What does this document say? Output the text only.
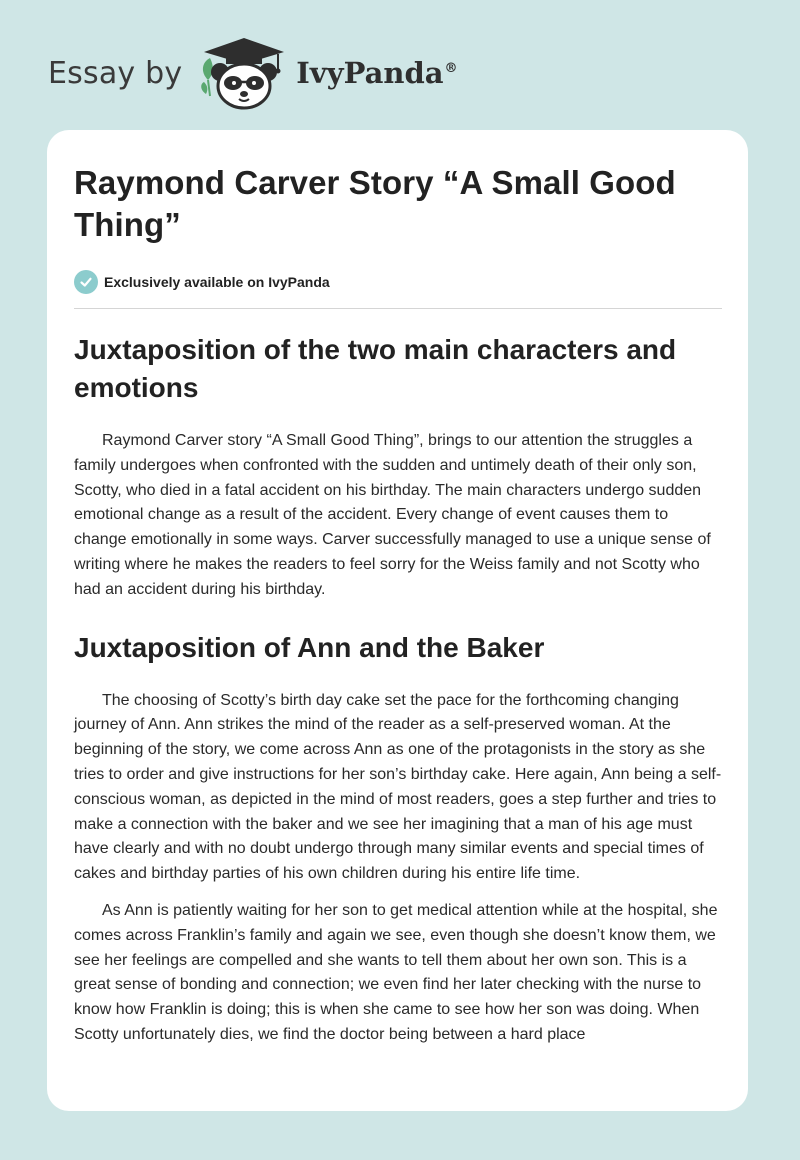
Essay by	IvyPanda®
Raymond Carver Story “A Small Good Thing”
Exclusively available on IvyPanda
Juxtaposition of the two main characters and emotions

Raymond Carver story “A Small Good Thing”, brings to our attention the struggles a family undergoes when confronted with the sudden and untimely death of their only son, Scotty, who died in a fatal accident on his birthday. The main characters undergo sudden emotional change as a result of the accident. Every change of event causes them to change emotionally in some ways. Carver successfully managed to use a unique sense of writing where he makes the readers to feel sorry for the Weiss family and not Scotty who had an accident during his birthday.

Juxtaposition of Ann and the Baker

The choosing of Scotty’s birth day cake set the pace for the forthcoming changing journey of Ann. Ann strikes the mind of the reader as a self-preserved woman. At the beginning of the story, we come across Ann as one of the protagonists in the story as she tries to order and give instructions for her son’s birthday cake. Here again, Ann being a self-conscious woman, as depicted in the mind of most readers, goes a step further and tries to make a connection with the baker and we see her imagining that a man of his age must have clearly and with no doubt undergo through many similar events and special times of cakes and birthday parties of his own children during his entire life time.

As Ann is patiently waiting for her son to get medical attention while at the hospital, she comes across Franklin’s family and again we see, even though she doesn’t know them, we see her feelings are compelled and she wants to tell them about her own son. This is a great sense of bonding and connection; we even find her later checking with the nurse to know how Franklin is doing; this is when she came to see how her son was doing. When Scotty unfortunately dies, we find the doctor being between a hard place
